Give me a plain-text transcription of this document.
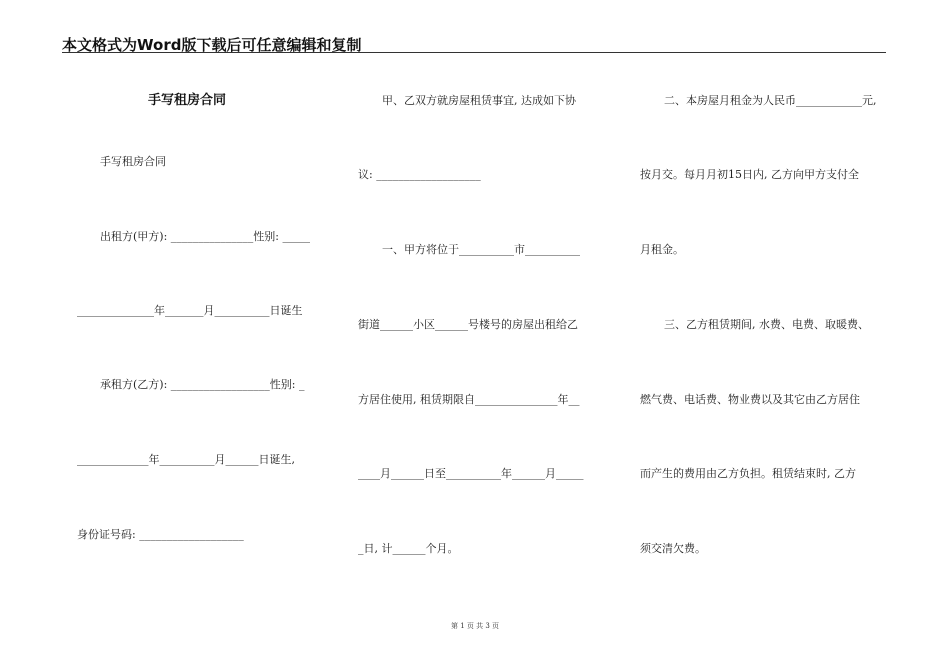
本文格式为Word版下载后可任意编辑和复制
手写租房合同
手写租房合同
出租方(甲方): _______________性别: _____
______________年_______月__________日诞生
承租方(乙方): __________________性别: _
_____________年__________月______日诞生,
身份证号码: ___________________
甲、乙双方就房屋租赁事宜, 达成如下协
议: ___________________
一、甲方将位于__________市__________
街道______小区______号楼号的房屋出租给乙
方居住使用, 租赁期限自_______________年__
____月______日至__________年______月_____
_日, 计______个月。
二、本房屋月租金为人民币____________元,
按月交。每月月初15日内, 乙方向甲方支付全
月租金。
三、乙方租赁期间, 水费、电费、取暖费、
燃气费、电话费、物业费以及其它由乙方居住
而产生的费用由乙方负担。租赁结束时, 乙方
须交清欠费。
第 1 页 共 3 页
